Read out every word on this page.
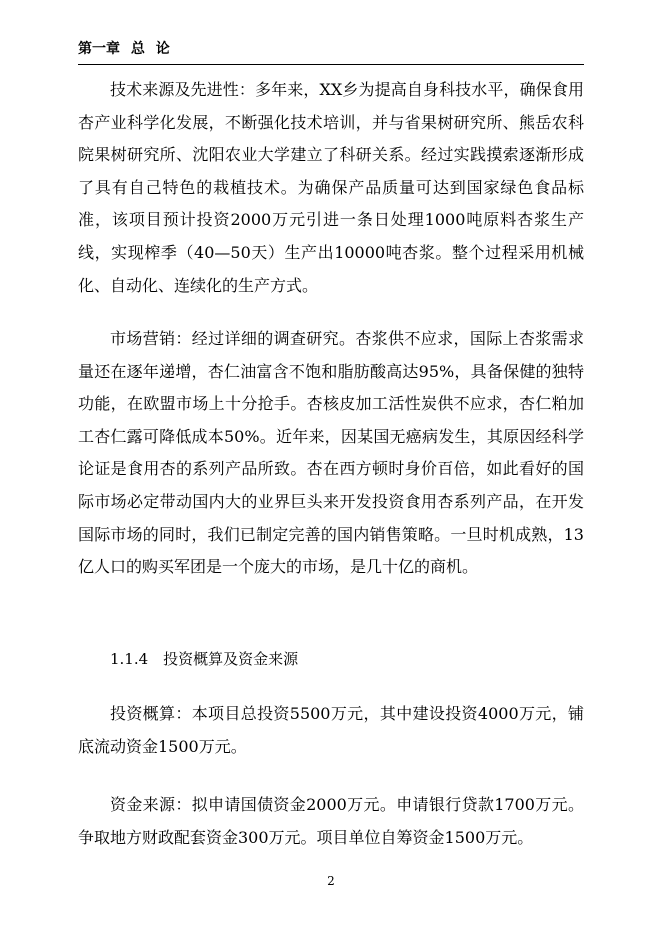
第一章 总 论

技术来源及先进性：多年来，XX乡为提高自身科技水平，确保食用杏产业科学化发展，不断强化技术培训，并与省果树研究所、熊岳农科院果树研究所、沈阳农业大学建立了科研关系。经过实践摸索逐渐形成了具有自己特色的栽植技术。为确保产品质量可达到国家绿色食品标准，该项目预计投资2000万元引进一条日处理1000吨原料杏浆生产线，实现榨季（40—50天）生产出10000吨杏浆。整个过程采用机械化、自动化、连续化的生产方式。

市场营销：经过详细的调查研究。杏浆供不应求，国际上杏浆需求量还在逐年递增，杏仁油富含不饱和脂肪酸高达95%，具备保健的独特功能，在欧盟市场上十分抢手。杏核皮加工活性炭供不应求，杏仁粕加工杏仁露可降低成本50%。近年来，因某国无癌病发生，其原因经科学论证是食用杏的系列产品所致。杏在西方顿时身价百倍，如此看好的国际市场必定带动国内大的业界巨头来开发投资食用杏系列产品，在开发国际市场的同时，我们已制定完善的国内销售策略。一旦时机成熟，13亿人口的购买军团是一个庞大的市场，是几十亿的商机。

1.1.4　投资概算及资金来源

投资概算：本项目总投资5500万元，其中建设投资4000万元，铺底流动资金1500万元。

资金来源：拟申请国债资金2000万元。申请银行贷款1700万元。争取地方财政配套资金300万元。项目单位自筹资金1500万元。

2
